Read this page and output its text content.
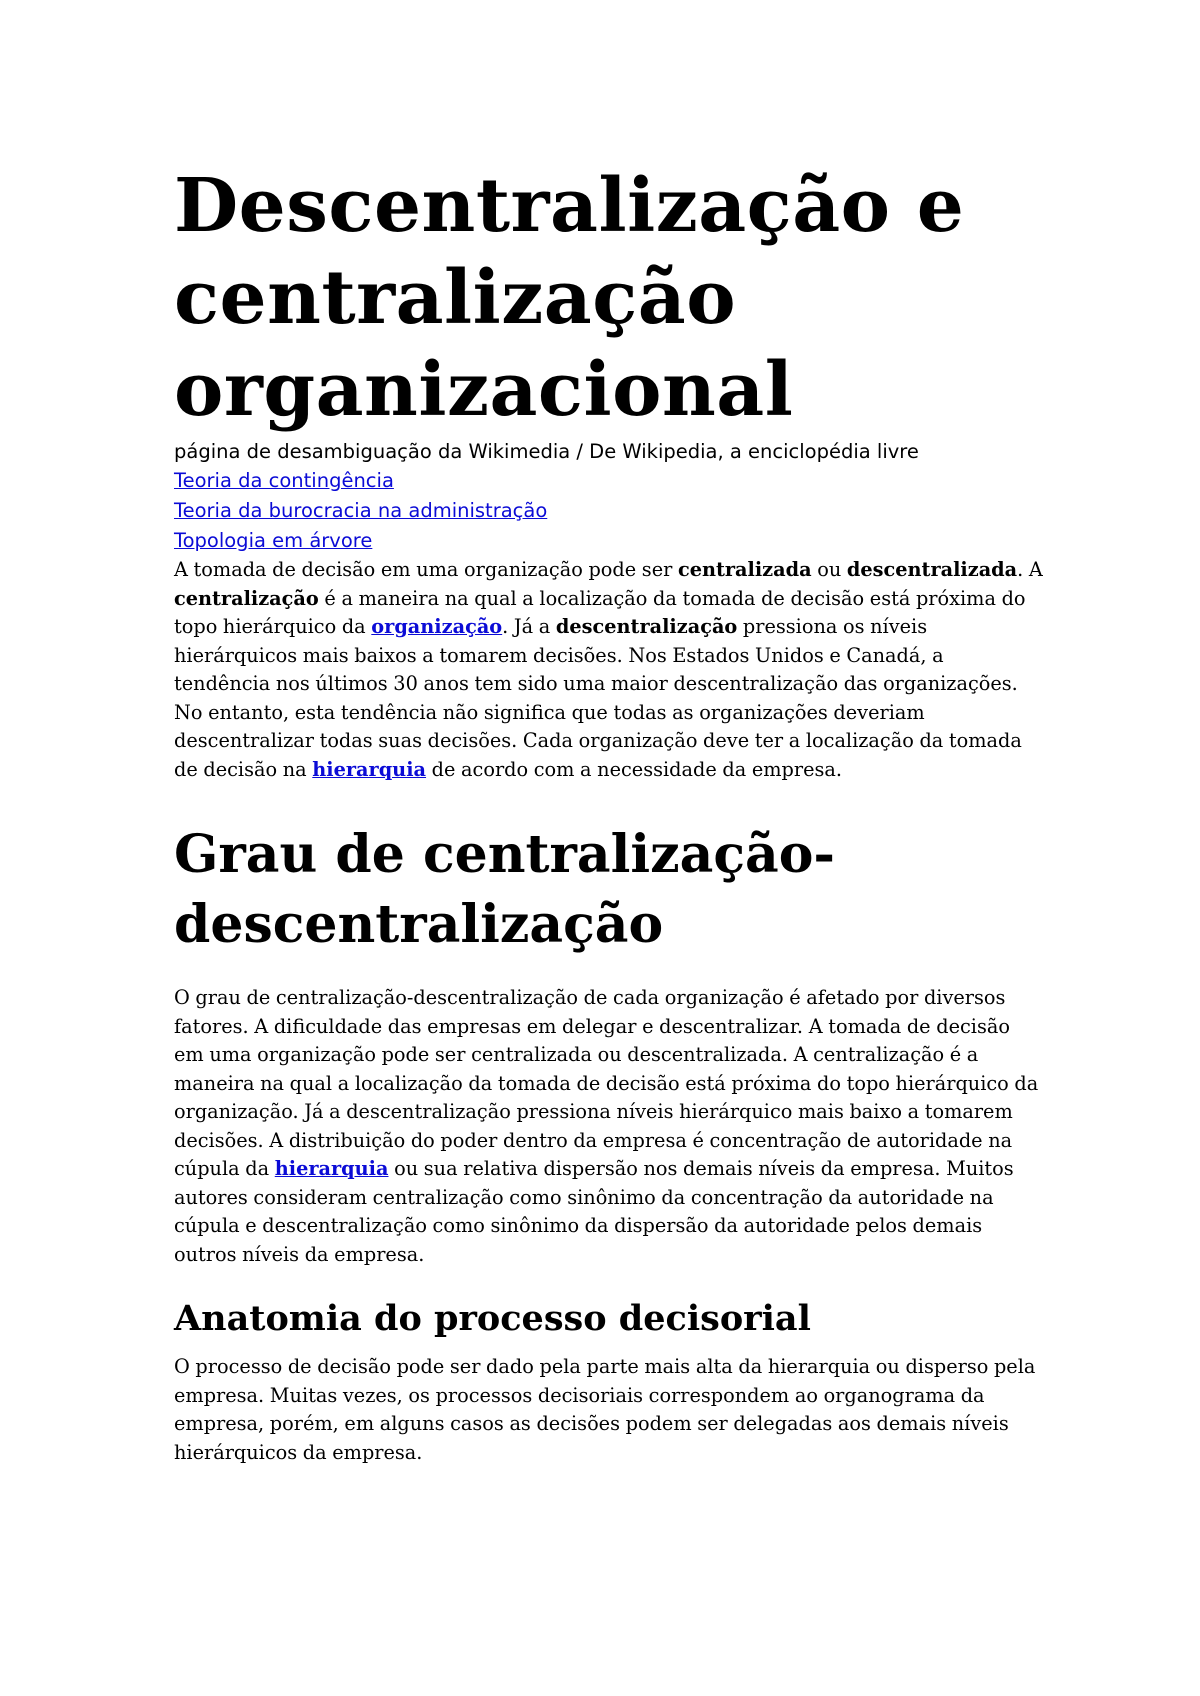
Descentralização e centralização organizacional
página de desambiguação da Wikimedia / De Wikipedia, a enciclopédia livre
Teoria da contingência
Teoria da burocracia na administração
Topologia em árvore

A tomada de decisão em uma organização pode ser centralizada ou descentralizada. A centralização é a maneira na qual a localização da tomada de decisão está próxima do topo hierárquico da organização. Já a descentralização pressiona os níveis hierárquicos mais baixos a tomarem decisões. Nos Estados Unidos e Canadá, a tendência nos últimos 30 anos tem sido uma maior descentralização das organizações. No entanto, esta tendência não significa que todas as organizações deveriam descentralizar todas suas decisões. Cada organização deve ter a localização da tomada de decisão na hierarquia de acordo com a necessidade da empresa.

Grau de centralização-descentralização

O grau de centralização-descentralização de cada organização é afetado por diversos fatores. A dificuldade das empresas em delegar e descentralizar. A tomada de decisão em uma organização pode ser centralizada ou descentralizada. A centralização é a maneira na qual a localização da tomada de decisão está próxima do topo hierárquico da organização. Já a descentralização pressiona níveis hierárquico mais baixo a tomarem decisões. A distribuição do poder dentro da empresa é concentração de autoridade na cúpula da hierarquia ou sua relativa dispersão nos demais níveis da empresa. Muitos autores consideram centralização como sinônimo da concentração da autoridade na cúpula e descentralização como sinônimo da dispersão da autoridade pelos demais outros níveis da empresa.

Anatomia do processo decisorial

O processo de decisão pode ser dado pela parte mais alta da hierarquia ou disperso pela empresa. Muitas vezes, os processos decisoriais correspondem ao organograma da empresa, porém, em alguns casos as decisões podem ser delegadas aos demais níveis hierárquicos da empresa.
